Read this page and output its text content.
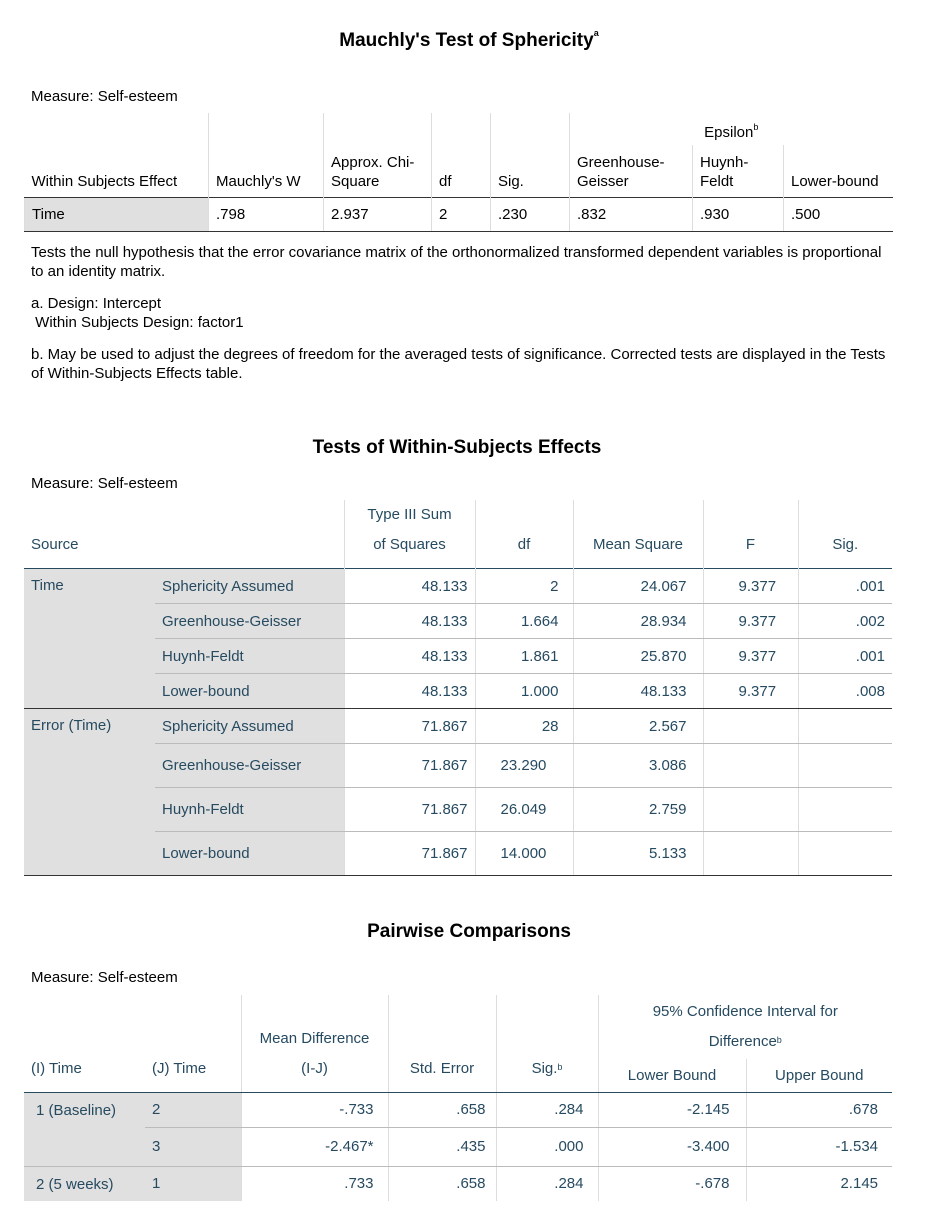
Mauchly's Test of Sphericity$^a$
Measure: Self-esteem
					Epsilon$^b$
Within Subjects Effect	Mauchly's W	Approx. Chi-Square	df	Sig.	Greenhouse-Geisser	Huynh-Feldt	Lower-bound
Time	.798	2.937	2	.230	.832	.930	.500

Tests the null hypothesis that the error covariance matrix of the orthonormalized transformed dependent variables is proportional to an identity matrix.

a. Design: Intercept
Within Subjects Design: factor1

b. May be used to adjust the degrees of freedom for the averaged tests of significance. Corrected tests are displayed in the Tests of Within-Subjects Effects table.

Tests of Within-Subjects Effects
Measure: Self-esteem
Source		Type III Sum of Squares	df	Mean Square	F	Sig.
Time	Sphericity Assumed	48.133	2	24.067	9.377	.001
	Greenhouse-Geisser	48.133	1.664	28.934	9.377	.002
	Huynh-Feldt	48.133	1.861	25.870	9.377	.001
	Lower-bound	48.133	1.000	48.133	9.377	.008
Error (Time)	Sphericity Assumed	71.867	28	2.567		
	Greenhouse-Geisser	71.867	23.290	3.086		
	Huynh-Feldt	71.867	26.049	2.759		
	Lower-bound	71.867	14.000	5.133		
Pairwise Comparisons
Measure: Self-esteem
(I) Time	(J) Time	Mean Difference (I-J)	Std. Error	Sig.$^b$	95% Confidence Interval for Difference$^b$
					Lower Bound	Upper Bound
1 (Baseline)	2	-.733	.658	.284	-2.145	.678
	3	-2.467*	.435	.000	-3.400	-1.534
2 (5 weeks)	1	.733	.658	.284	-.678	2.145
